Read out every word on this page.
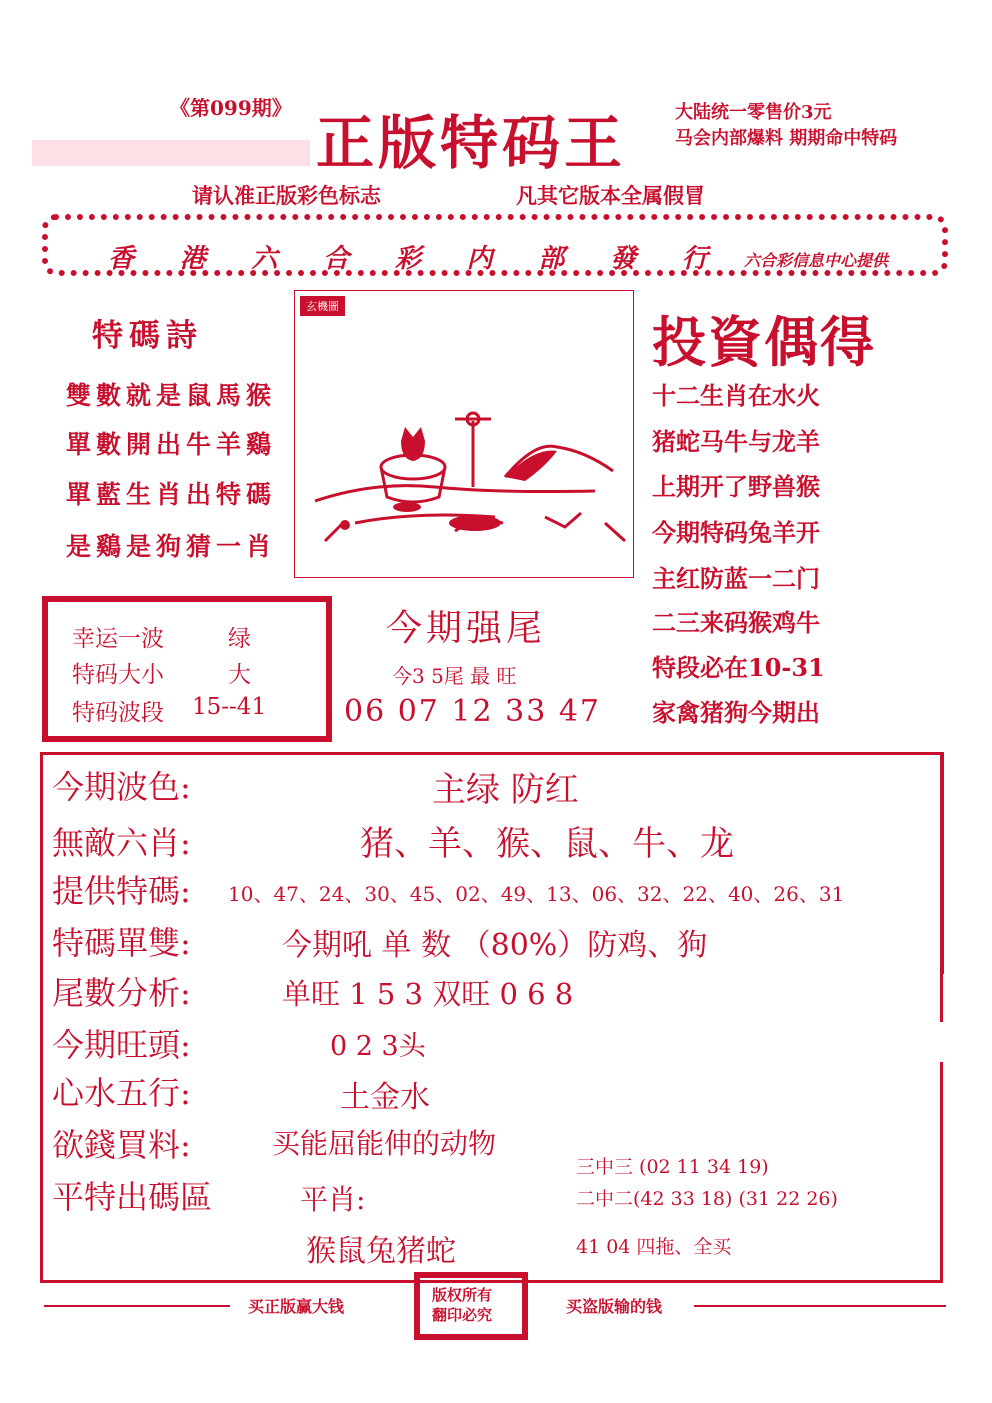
《第099期》
正版特码王	大陆统一零售价3元
马会内部爆料 期期命中特码
请认准正版彩色标志	凡其它版本全属假冒
香 港 六 合 彩 内 部 發 行 六合彩信息中心提供
特碼詩
雙數就是鼠馬猴
單數開出牛羊鷄
單藍生肖出特碼
是鷄是狗猜一肖
玄機圖
投資偶得
十二生肖在水火
猪蛇马牛与龙羊
上期开了野兽猴
今期特码兔羊开
主红防蓝一二门
二三来码猴鸡牛
特段必在10-31
家禽猪狗今期出
幸运一波	绿
特码大小	大
特码波段 15--41
今期强尾
今3 5尾 最 旺
06 07 12 33 47
今期波色:	主绿 防红
無敵六肖:	猪、羊、猴、鼠、牛、龙
提供特碼: 10、47、24、30、45、02、49、13、06、32、22、40、26、31
特碼單雙:	今期吼 单 数 （80%）防鸡、狗
尾數分析:	单旺 1 5 3 双旺 0 6 8
今期旺頭:	0 2 3头
心水五行:	土金水
欲錢買料:	买能屈能伸的动物
平特出碼區	平肖:
猴鼠兔猪蛇
三中三 (02 11 34 19)
二中二(42 33 18) (31 22 26)
41 04 四拖、全买
买正版赢大钱
版权所有
翻印必究	买盗版输的钱
